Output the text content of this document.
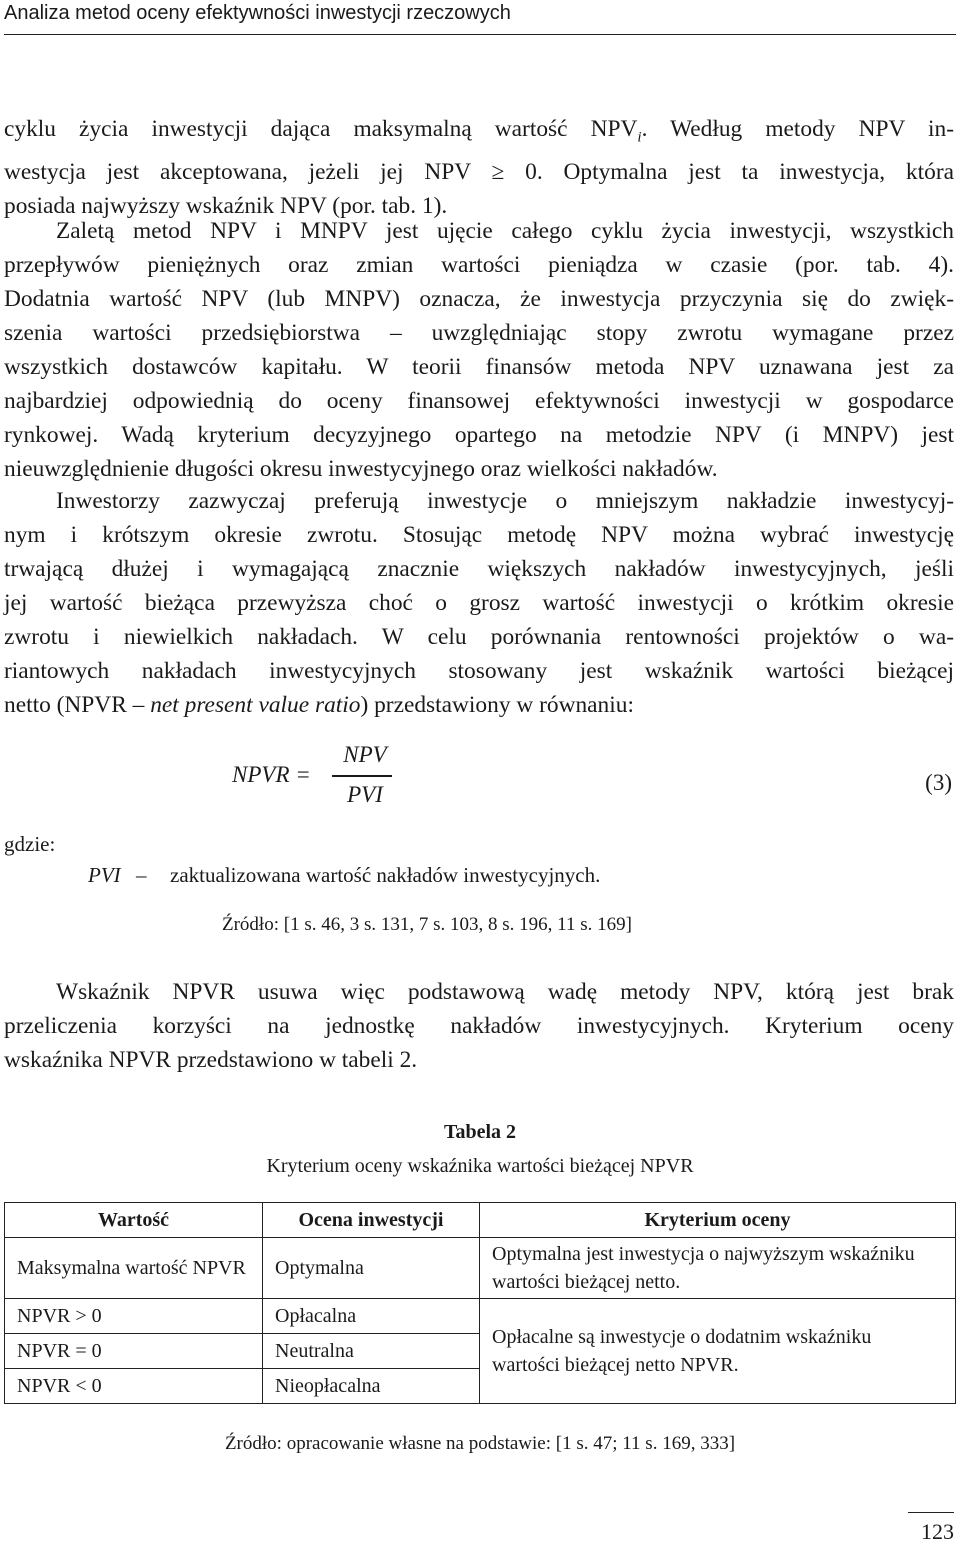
Analiza metod oceny efektywności inwestycji rzeczowych
cyklu życia inwestycji dająca maksymalną wartość $NPV_i$. Według metody NPV in-
westycja jest akceptowana, jeżeli jej NPV ≥ 0. Optymalna jest ta inwestycja, która
posiada najwyższy wskaźnik NPV (por. tab. 1).
Zaletą metod NPV i MNPV jest ujęcie całego cyklu życia inwestycji, wszystkich
przepływów pieniężnych oraz zmian wartości pieniądza w czasie (por. tab. 4).
Dodatnia wartość NPV (lub MNPV) oznacza, że inwestycja przyczynia się do zwięk-
szenia wartości przedsiębiorstwa – uwzględniając stopy zwrotu wymagane przez
wszystkich dostawców kapitału. W teorii finansów metoda NPV uznawana jest za
najbardziej odpowiednią do oceny finansowej efektywności inwestycji w gospodarce
rynkowej. Wadą kryterium decyzyjnego opartego na metodzie NPV (i MNPV) jest
nieuwzględnienie długości okresu inwestycyjnego oraz wielkości nakładów.
Inwestorzy zazwyczaj preferują inwestycje o mniejszym nakładzie inwestycyj-
nym i krótszym okresie zwrotu. Stosując metodę NPV można wybrać inwestycję
trwającą dłużej i wymagającą znacznie większych nakładów inwestycyjnych, jeśli
jej wartość bieżąca przewyższa choć o grosz wartość inwestycji o krótkim okresie
zwrotu i niewielkich nakładach. W celu porównania rentowności projektów o wa-
riantowych nakładach inwestycyjnych stosowany jest wskaźnik wartości bieżącej
netto (NPVR – net present value ratio) przedstawiony w równaniu:
NPVR =
NPV
PVI	(3)
gdzie:
PVI – zaktualizowana wartość nakładów inwestycyjnych.
Źródło: [1 s. 46, 3 s. 131, 7 s. 103, 8 s. 196, 11 s. 169]
Wskaźnik NPVR usuwa więc podstawową wadę metody NPV, którą jest brak
przeliczenia korzyści na jednostkę nakładów inwestycyjnych. Kryterium oceny
wskaźnika NPVR przedstawiono w tabeli 2.
Tabela 2
Kryterium oceny wskaźnika wartości bieżącej NPVR
Wartość	Ocena inwestycji	Kryterium oceny
Maksymalna wartość NPVR	Optymalna	Optymalna jest inwestycja o najwyższym wskaźniku wartości bieżącej netto.
NPVR > 0	Opłacalna	Opłacalne są inwestycje o dodatnim wskaźniku wartości bieżącej netto NPVR.
NPVR = 0	Neutralna	
NPVR < 0	Nieopłacalna	
Źródło: opracowanie własne na podstawie: [1 s. 47; 11 s. 169, 333]
123
